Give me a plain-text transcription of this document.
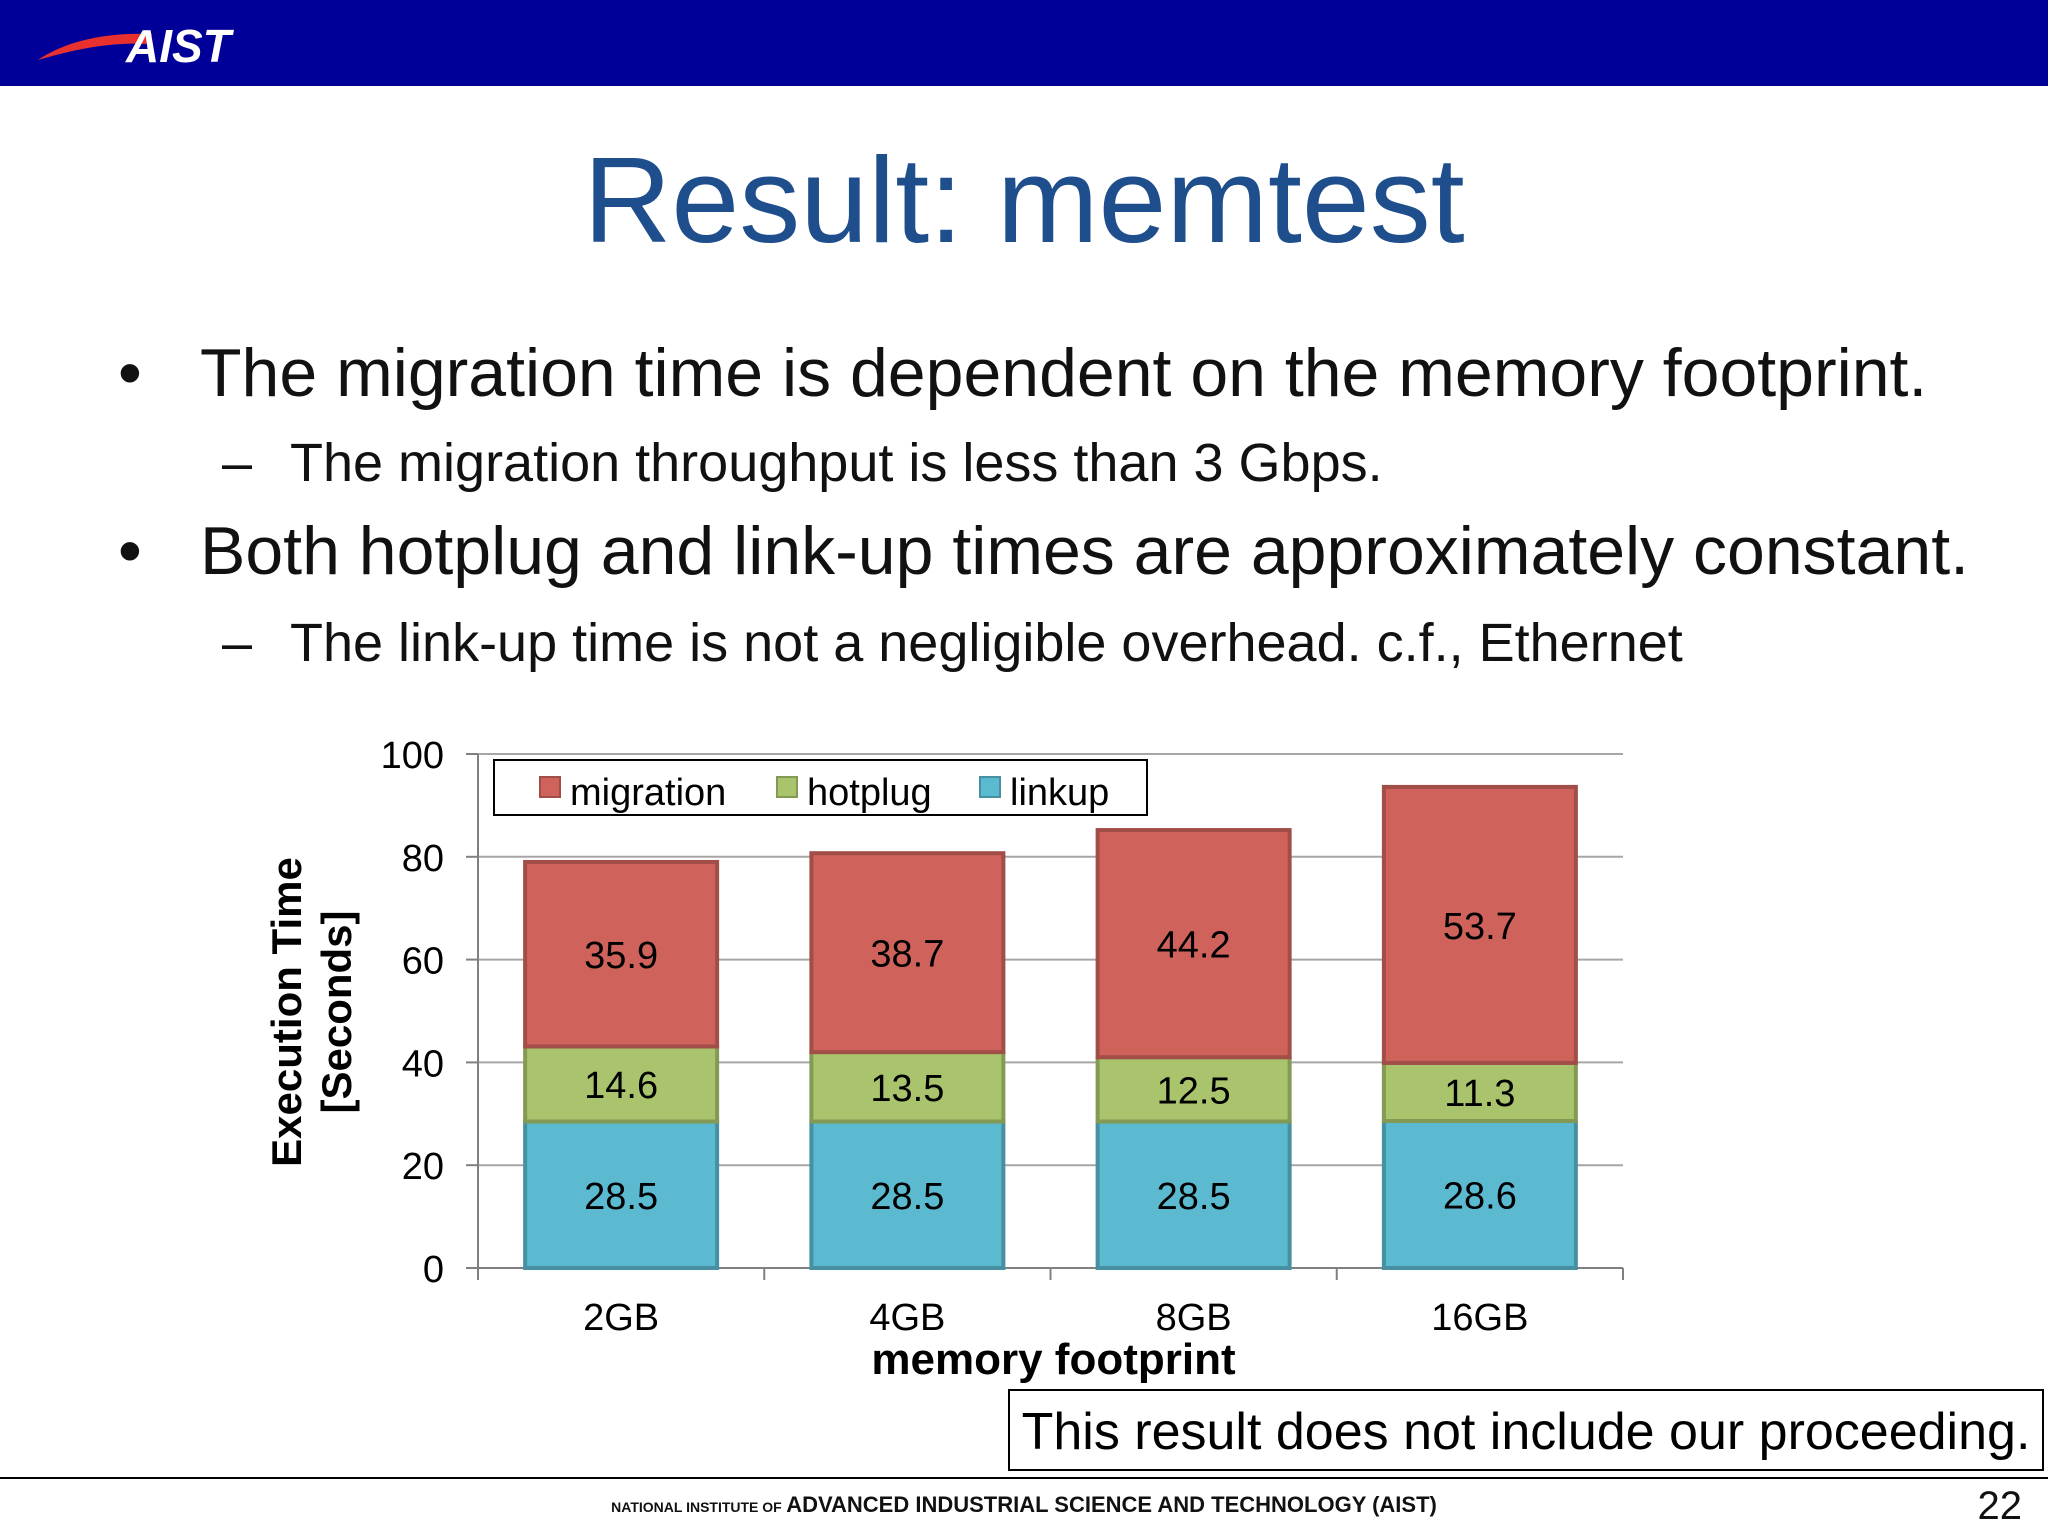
AIST
Result: memtest
• The migration time is dependent on the memory footprint.
– The migration throughput is less than 3 Gbps.
• Both hotplug and link-up times are approximately constant.
– The link-up time is not a negligible overhead. c.f., Ethernet
0
20
40
60
80
100
28.5
14.6
35.9
2GB
28.5
13.5
38.7
4GB
28.5
12.5
44.2
8GB
28.6
11.3
53.7
16GB
memory footprint
Execution Time [Seconds]
migration hotplug linkup
This result does not include our proceeding.
NATIONAL INSTITUTE OF ADVANCED INDUSTRIAL SCIENCE AND TECHNOLOGY (AIST)	22
